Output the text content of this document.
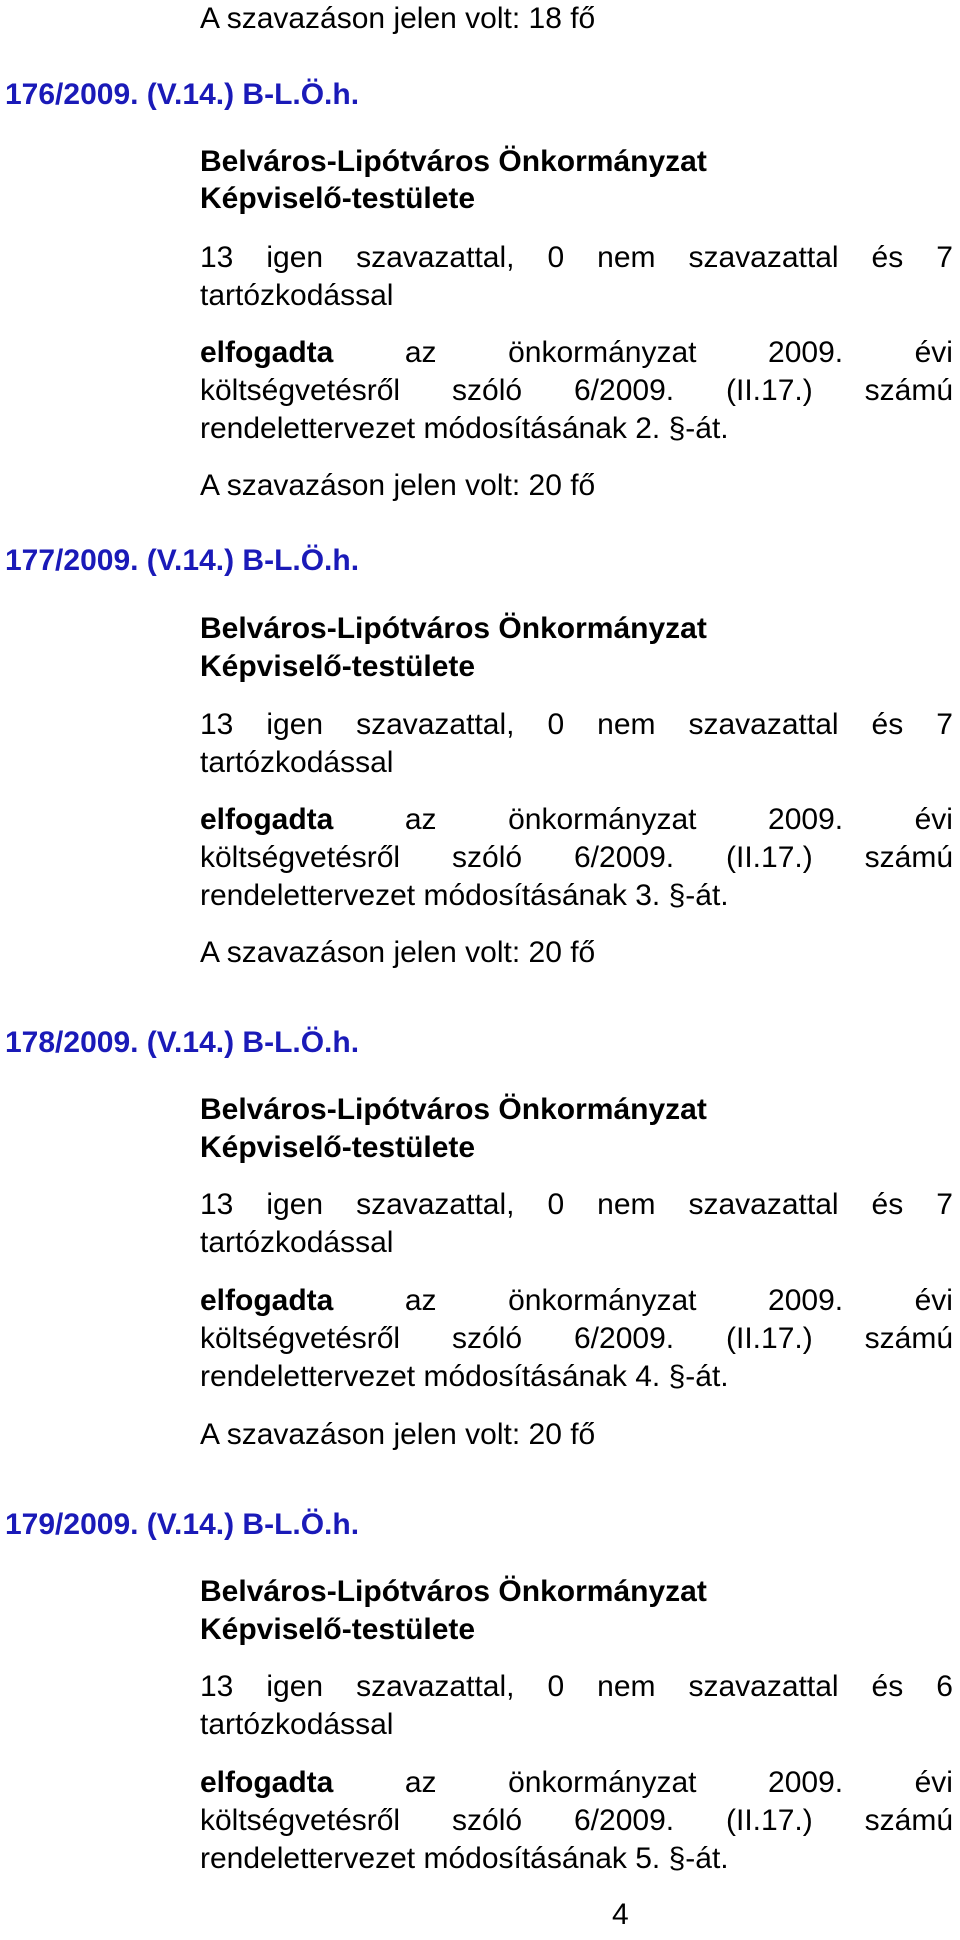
A szavazáson jelen volt: 18 fő
176/2009. (V.14.) B-L.Ö.h.
Belváros-Lipótváros Önkormányzat
Képviselő-testülete
13 igen szavazattal, 0 nem szavazattal és 7
tartózkodással
elfogadta az önkormányzat 2009. évi
költségvetésről szóló 6/2009. (II.17.) számú
rendelettervezet módosításának 2. §-át.
A szavazáson jelen volt: 20 fő
177/2009. (V.14.) B-L.Ö.h.
Belváros-Lipótváros Önkormányzat
Képviselő-testülete
13 igen szavazattal, 0 nem szavazattal és 7
tartózkodással
elfogadta az önkormányzat 2009. évi
költségvetésről szóló 6/2009. (II.17.) számú
rendelettervezet módosításának 3. §-át.
A szavazáson jelen volt: 20 fő
178/2009. (V.14.) B-L.Ö.h.
Belváros-Lipótváros Önkormányzat
Képviselő-testülete
13 igen szavazattal, 0 nem szavazattal és 7
tartózkodással
elfogadta az önkormányzat 2009. évi
költségvetésről szóló 6/2009. (II.17.) számú
rendelettervezet módosításának 4. §-át.
A szavazáson jelen volt: 20 fő
179/2009. (V.14.) B-L.Ö.h.
Belváros-Lipótváros Önkormányzat
Képviselő-testülete
13 igen szavazattal, 0 nem szavazattal és 6
tartózkodással
elfogadta az önkormányzat 2009. évi
költségvetésről szóló 6/2009. (II.17.) számú
rendelettervezet módosításának 5. §-át.
4
